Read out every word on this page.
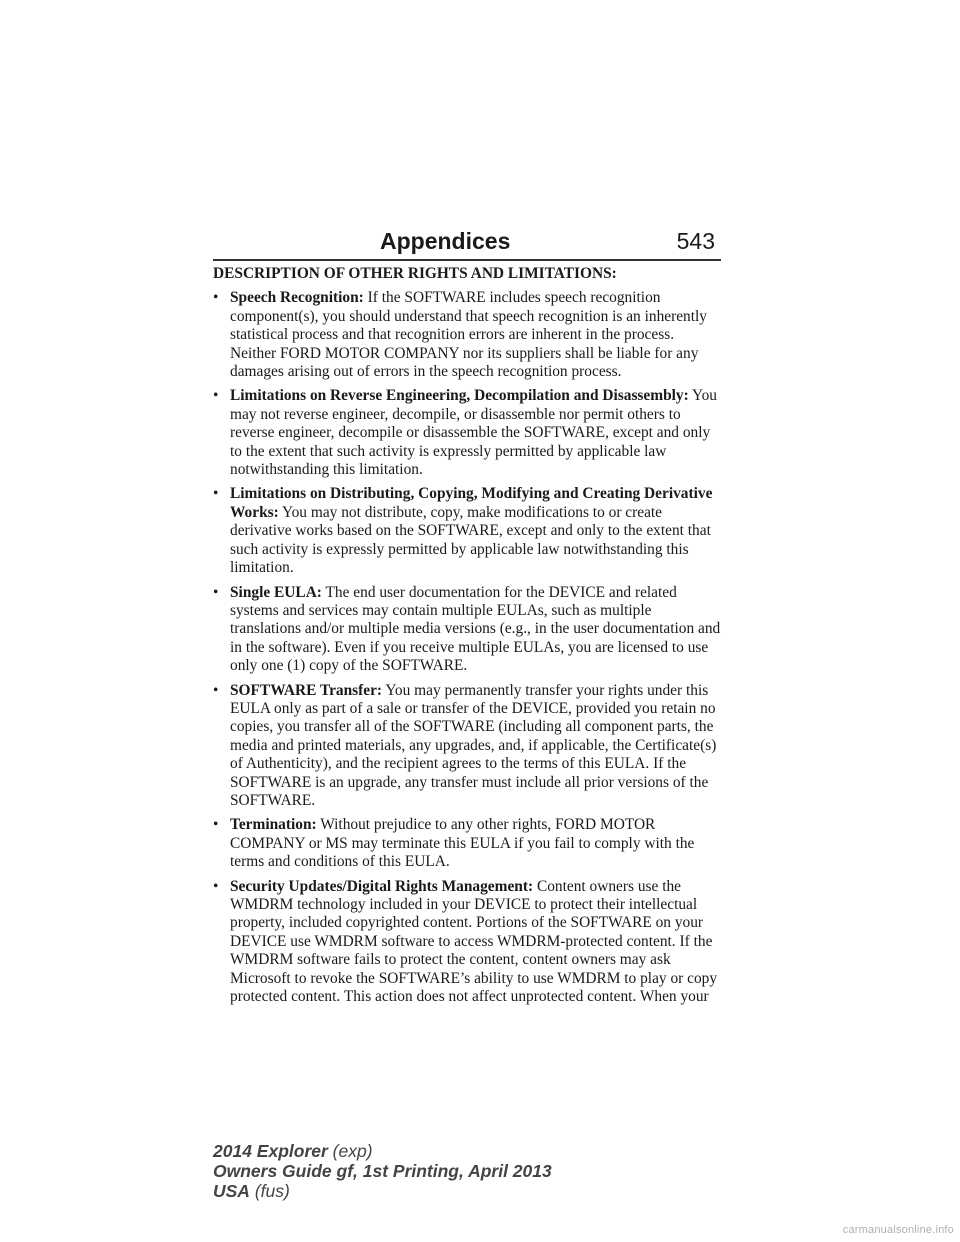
Appendices	543
DESCRIPTION OF OTHER RIGHTS AND LIMITATIONS:
• Speech Recognition: If the SOFTWARE includes speech recognition component(s), you should understand that speech recognition is an inherently statistical process and that recognition errors are inherent in the process. Neither FORD MOTOR COMPANY nor its suppliers shall be liable for any damages arising out of errors in the speech recognition process.
• Limitations on Reverse Engineering, Decompilation and Disassembly: You may not reverse engineer, decompile, or disassemble nor permit others to reverse engineer, decompile or disassemble the SOFTWARE, except and only to the extent that such activity is expressly permitted by applicable law notwithstanding this limitation.
• Limitations on Distributing, Copying, Modifying and Creating Derivative Works: You may not distribute, copy, make modifications to or create derivative works based on the SOFTWARE, except and only to the extent that such activity is expressly permitted by applicable law notwithstanding this limitation.
• Single EULA: The end user documentation for the DEVICE and related systems and services may contain multiple EULAs, such as multiple translations and/or multiple media versions (e.g., in the user documentation and in the software). Even if you receive multiple EULAs, you are licensed to use only one (1) copy of the SOFTWARE.
• SOFTWARE Transfer: You may permanently transfer your rights under this EULA only as part of a sale or transfer of the DEVICE, provided you retain no copies, you transfer all of the SOFTWARE (including all component parts, the media and printed materials, any upgrades, and, if applicable, the Certificate(s) of Authenticity), and the recipient agrees to the terms of this EULA. If the SOFTWARE is an upgrade, any transfer must include all prior versions of the SOFTWARE.
• Termination: Without prejudice to any other rights, FORD MOTOR COMPANY or MS may terminate this EULA if you fail to comply with the terms and conditions of this EULA.
• Security Updates/Digital Rights Management: Content owners use the WMDRM technology included in your DEVICE to protect their intellectual property, included copyrighted content. Portions of the SOFTWARE on your DEVICE use WMDRM software to access WMDRM-protected content. If the WMDRM software fails to protect the content, content owners may ask Microsoft to revoke the SOFTWARE’s ability to use WMDRM to play or copy protected content. This action does not affect unprotected content. When your
2014 Explorer (exp)
Owners Guide gf, 1st Printing, April 2013
USA (fus)
carmanualsonline.info
